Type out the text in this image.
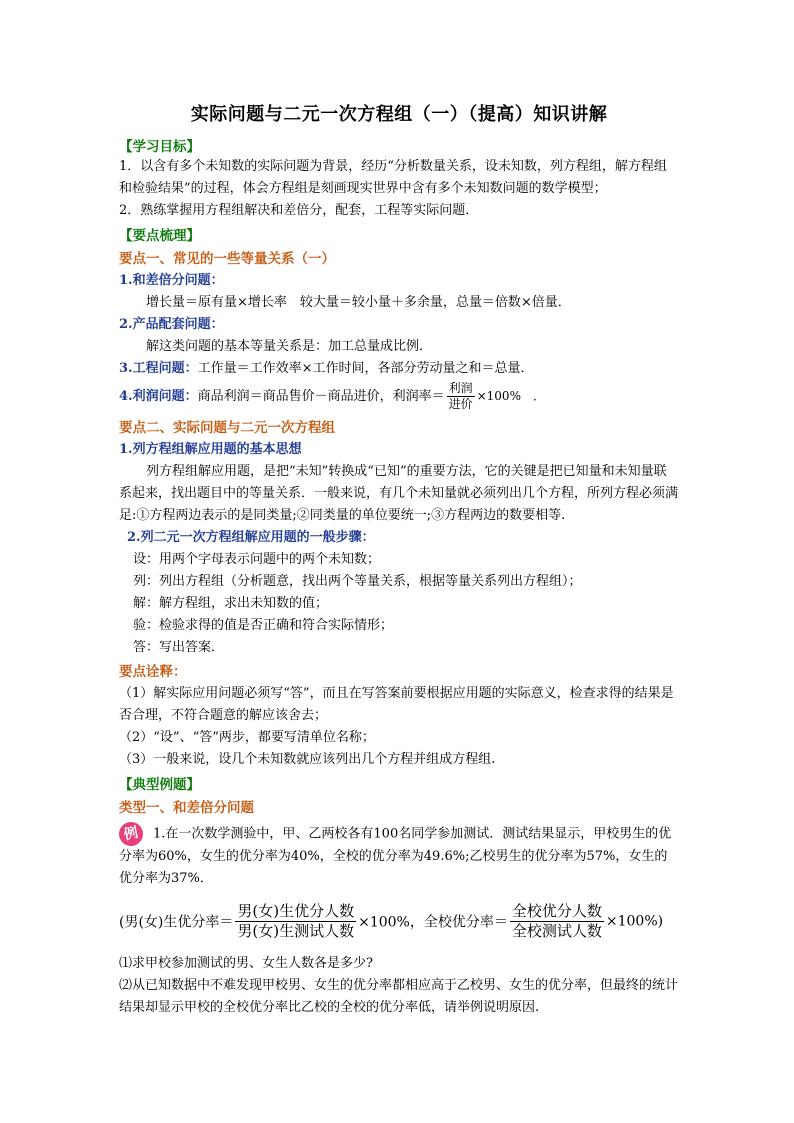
实际问题与二元一次方程组（一）（提高）知识讲解
【学习目标】

1．以含有多个未知数的实际问题为背景，经历“分析数量关系，设未知数，列方程组，解方程组和检验结果”的过程，体会方程组是刻画现实世界中含有多个未知数问题的数学模型；

2．熟练掌握用方程组解决和差倍分，配套，工程等实际问题．

【要点梳理】
要点一、常见的一些等量关系（一）

1.和差倍分问题：

增长量＝原有量×增长率　较大量＝较小量＋多余量，总量＝倍数×倍量．

2.产品配套问题：

解这类问题的基本等量关系是：加工总量成比例．

3.工程问题：工作量＝工作效率×工作时间，各部分劳动量之和＝总量．

4.利润问题：商品利润＝商品售价－商品进价，利润率＝ $\frac{\text{利润}}{\text{进价}} \times 100\%$　．

要点二、实际问题与二元一次方程组

1.列方程组解应用题的基本思想

列方程组解应用题，是把“未知”转换成“已知”的重要方法，它的关键是把已知量和未知量联系起来，找出题目中的等量关系．一般来说，有几个未知量就必须列出几个方程，所列方程必须满足:①方程两边表示的是同类量;②同类量的单位要统一;③方程两边的数要相等.

2.列二元一次方程组解应用题的一般步骤：

设：用两个字母表示问题中的两个未知数；

列：列出方程组（分析题意，找出两个等量关系，根据等量关系列出方程组）；

解：解方程组，求出未知数的值；

验：检验求得的值是否正确和符合实际情形；

答：写出答案．

要点诠释：

（1）解实际应用问题必须写“答”，而且在写答案前要根据应用题的实际意义，检查求得的结果是否合理，不符合题意的解应该舍去；

（2）“设”、“答”两步，都要写清单位名称；

（3）一般来说，设几个未知数就应该列出几个方程并组成方程组.

【典型例题】
类型一、和差倍分问题

例 1.在一次数学测验中，甲、乙两校各有100名同学参加测试．测试结果显示，甲校男生的优分率为60%，女生的优分率为40%，全校的优分率为49.6%;乙校男生的优分率为57%，女生的优分率为37%．

(男(女)生优分率＝ $\frac{\text{男(女)生优分人数}}{\text{男(女)生测试人数}} \times 100\%$，全校优分率＝ $\frac{\text{全校优分人数}}{\text{全校测试人数}} \times 100\%$)

⑴求甲校参加测试的男、女生人数各是多少?

⑵从已知数据中不难发现甲校男、女生的优分率都相应高于乙校男、女生的优分率，但最终的统计结果却显示甲校的全校优分率比乙校的全校的优分率低，请举例说明原因.
